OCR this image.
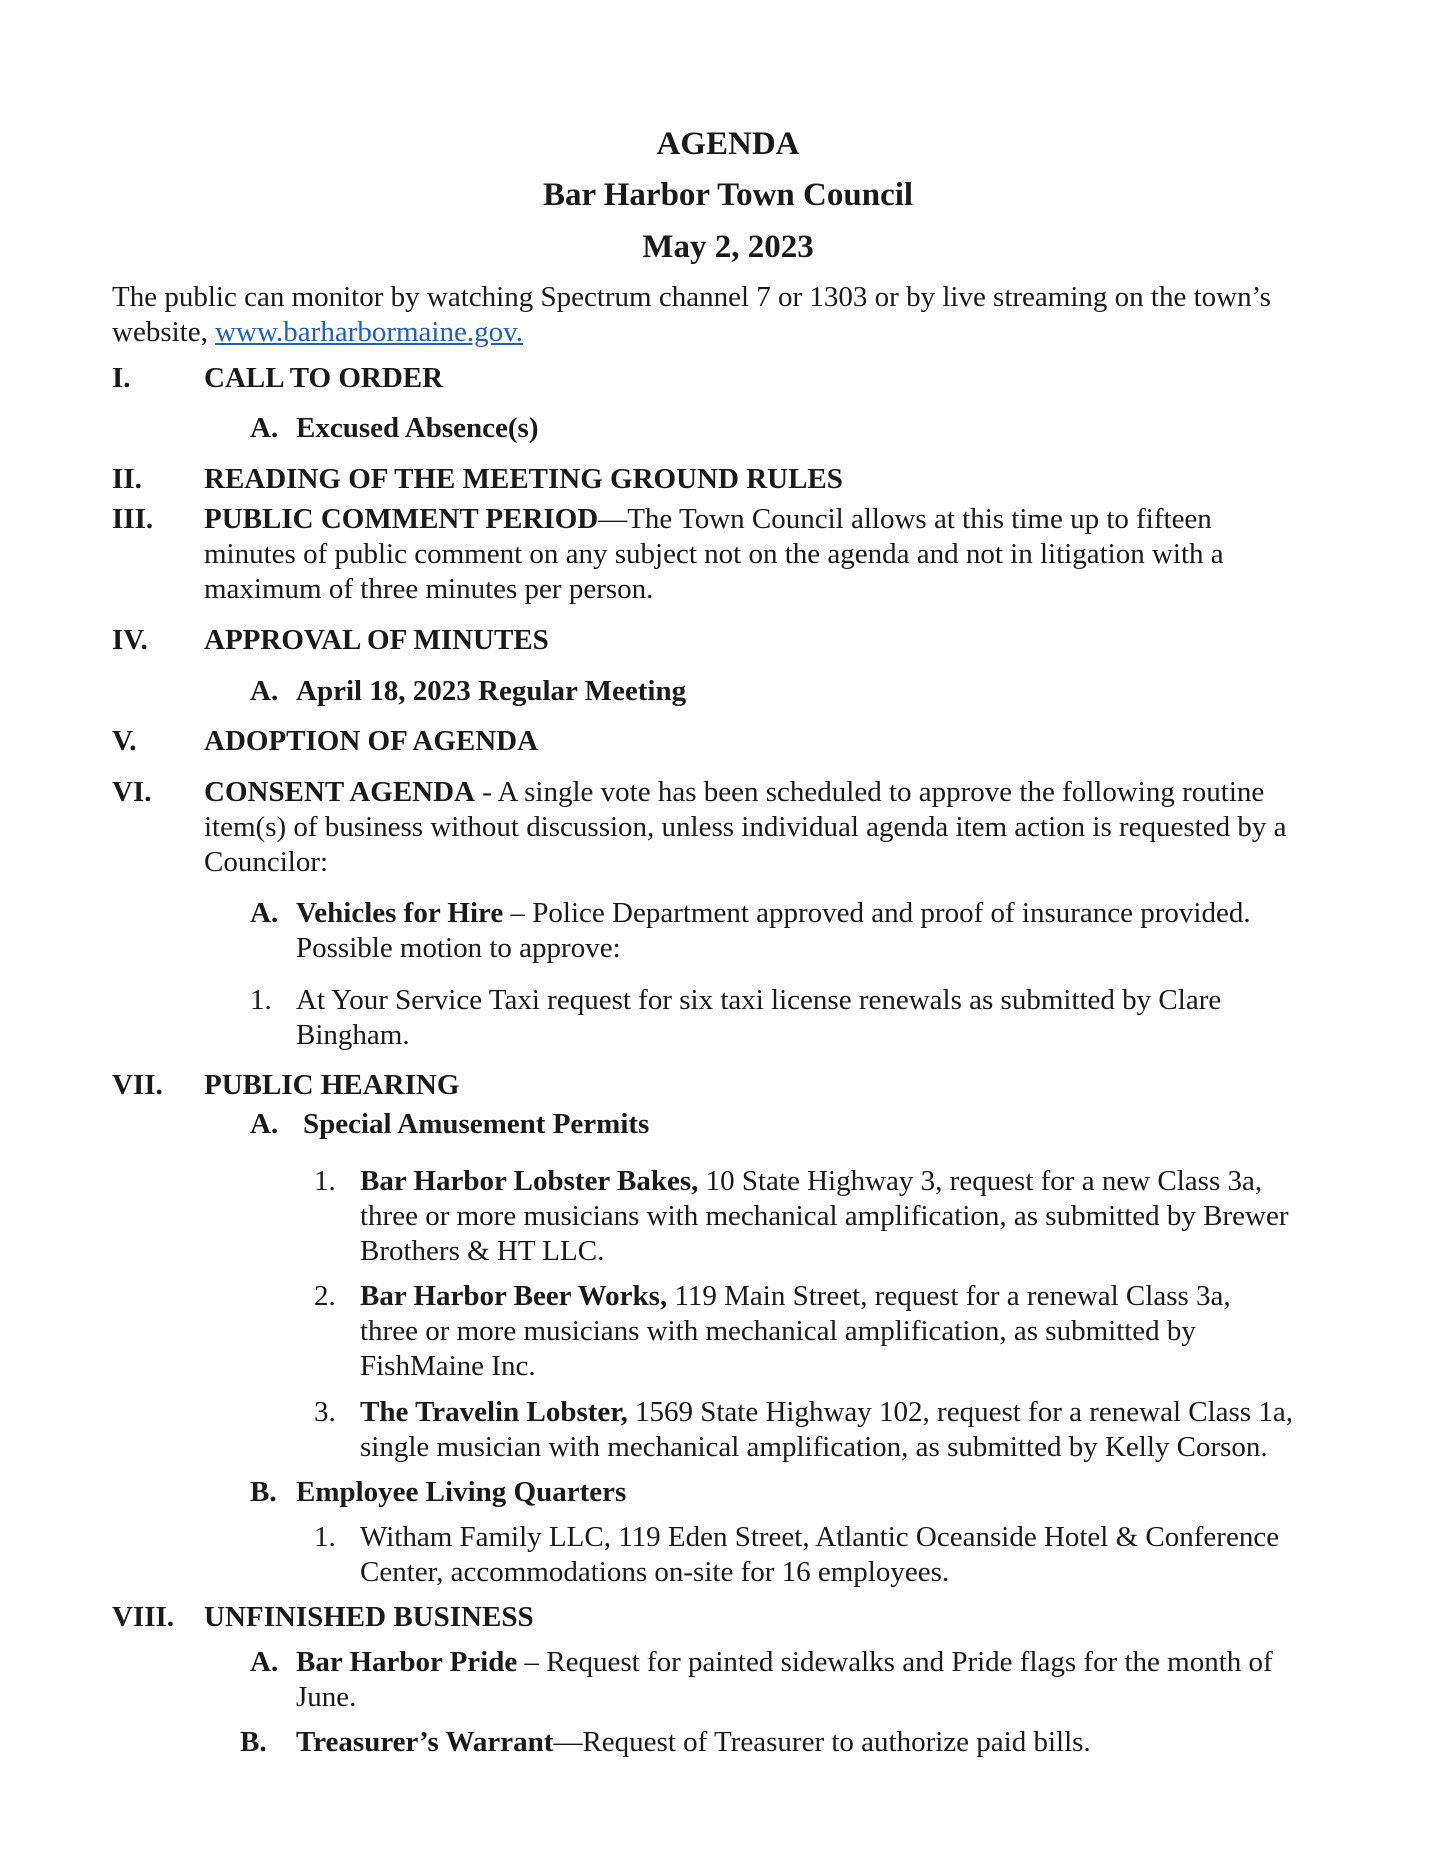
AGENDA
Bar Harbor Town Council
May 2, 2023
The public can monitor by watching Spectrum channel 7 or 1303 or by live streaming on the town’s website, www.barharbormaine.gov.
I.	CALL TO ORDER
A. Excused Absence(s)
II. READING OF THE MEETING GROUND RULES
III. PUBLIC COMMENT PERIOD—The Town Council allows at this time up to fifteen
minutes of public comment on any subject not on the agenda and not in litigation with a
maximum of three minutes per person.
IV. APPROVAL OF MINUTES
A. April 18, 2023 Regular Meeting
V. ADOPTION OF AGENDA
VI. CONSENT AGENDA - A single vote has been scheduled to approve the following routine
item(s) of business without discussion, unless individual agenda item action is requested by a
Councilor:
A. Vehicles for Hire – Police Department approved and proof of insurance provided.
Possible motion to approve:
1. At Your Service Taxi request for six taxi license renewals as submitted by Clare
Bingham.
VII. PUBLIC HEARING
A. Special Amusement Permits
1. Bar Harbor Lobster Bakes, 10 State Highway 3, request for a new Class 3a,
three or more musicians with mechanical amplification, as submitted by Brewer
Brothers & HT LLC.
2. Bar Harbor Beer Works, 119 Main Street, request for a renewal Class 3a,
three or more musicians with mechanical amplification, as submitted by
FishMaine Inc.
3. The Travelin Lobster, 1569 State Highway 102, request for a renewal Class 1a,
single musician with mechanical amplification, as submitted by Kelly Corson.
B. Employee Living Quarters
1. Witham Family LLC, 119 Eden Street, Atlantic Oceanside Hotel & Conference
Center, accommodations on-site for 16 employees.
VIII. UNFINISHED BUSINESS
A. Bar Harbor Pride – Request for painted sidewalks and Pride flags for the month of
June.
B. Treasurer’s Warrant—Request of Treasurer to authorize paid bills.
